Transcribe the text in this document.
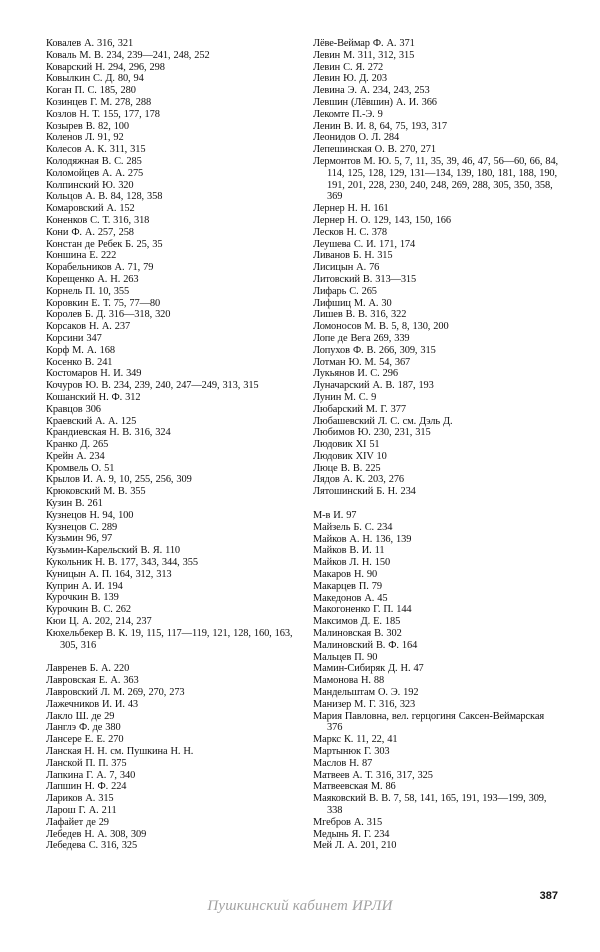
Ковалев А. 316, 321
Коваль М. В. 234, 239—241, 248, 252
Коварский Н. 294, 296, 298
Ковылкин С. Д. 80, 94
Коган П. С. 185, 280
Козинцев Г. М. 278, 288
Козлов Н. Т. 155, 177, 178
Козырев В. 82, 100
Коленов Л. 91, 92
Колесов А. К. 311, 315
Колодяжная В. С. 285
Коломойцев А. А. 275
Колпинский Ю. 320
Кольцов А. В. 84, 128, 358
Комаровский А. 152
Коненков С. Т. 316, 318
Кони Ф. А. 257, 258
Констан де Ребек Б. 25, 35
Коншина Е. 222
Корабельников А. 71, 79
Корещенко А. Н. 263
Корнель П. 10, 355
Коровкин Е. Т. 75, 77—80
Королев Б. Д. 316—318, 320
Корсаков Н. А. 237
Корсини 347
Корф М. А. 168
Косенко В. 241
Костомаров Н. И. 349
Кочуров Ю. В. 234, 239, 240, 247—249, 313, 315
Кошанский Н. Ф. 312
Кравцов 306
Краевский А. А. 125
Крандиевская Н. В. 316, 324
Кранко Д. 265
Крейн А. 234
Кромвель О. 51
Крылов И. А. 9, 10, 255, 256, 309
Крюковский М. В. 355
Кузин В. 261
Кузнецов Н. 94, 100
Кузнецов С. 289
Кузьмин 96, 97
Кузьмин-Карельский В. Я. 110
Кукольник Н. В. 177, 343, 344, 355
Куницын А. П. 164, 312, 313
Куприн А. И. 194
Курочкин В. 139
Курочкин В. С. 262
Кюи Ц. А. 202, 214, 237
Кюхельбекер В. К. 19, 115, 117—119, 121, 128, 160, 163, 305, 316
Лавренев Б. А. 220
Лавровская Е. А. 363
Лавровский Л. М. 269, 270, 273
Лажечников И. И. 43
Лакло Ш. де 29
Ланглэ Ф. де 380
Лансере Е. Е. 270
Ланская Н. Н. см. Пушкина Н. Н.
Ланской П. П. 375
Лапкина Г. А. 7, 340
Лапшин Н. Ф. 224
Лариков А. 315
Ларош Г. А. 211
Лафайет де 29
Лебедев Н. А. 308, 309
Лебедева С. 316, 325
Лёве-Веймар Ф. А. 371
Левин М. 311, 312, 315
Левин С. Я. 272
Левин Ю. Д. 203
Левина Э. А. 234, 243, 253
Левшин (Лёвшин) А. И. 366
Лекомте П.-Э. 9
Ленин В. И. 8, 64, 75, 193, 317
Леонидов О. Л. 284
Лепешинская О. В. 270, 271
Лермонтов М. Ю. 5, 7, 11, 35, 39, 46, 47, 56—60, 66, 84, 114, 125, 128, 129, 131—134, 139, 180, 181, 188, 190, 191, 201, 228, 230, 240, 248, 269, 288, 305, 350, 358, 369
Лернер Н. Н. 161
Лернер Н. О. 129, 143, 150, 166
Лесков Н. С. 378
Леушева С. И. 171, 174
Ливанов Б. Н. 315
Лисицын А. 76
Литовский В. 313—315
Лифарь С. 265
Лифшиц М. А. 30
Лишев В. В. 316, 322
Ломоносов М. В. 5, 8, 130, 200
Лопе де Вега 269, 339
Лопухов Ф. В. 266, 309, 315
Лотман Ю. М. 54, 367
Лукьянов И. С. 296
Луначарский А. В. 187, 193
Лунин М. С. 9
Любарский М. Г. 377
Любашевский Л. С. см. Дэль Д.
Любимов Ю. 230, 231, 315
Людовик XI 51
Людовик XIV 10
Люце В. В. 225
Лядов А. К. 203, 276
Лятошинский Б. Н. 234
М-в И. 97
Майзель Б. С. 234
Майков А. Н. 136, 139
Майков В. И. 11
Майков Л. Н. 150
Макаров Н. 90
Макарцев П. 79
Македонов А. 45
Макогоненко Г. П. 144
Максимов Д. Е. 185
Малиновская В. 302
Малиновский В. Ф. 164
Мальцев П. 90
Мамин-Сибиряк Д. Н. 47
Мамонова Н. 88
Мандельштам О. Э. 192
Манизер М. Г. 316, 323
Мария Павловна, вел. герцогиня Саксен-Веймарская 376
Маркс К. 11, 22, 41
Мартынюк Г. 303
Маслов Н. 87
Матвеев А. Т. 316, 317, 325
Матвеевская М. 86
Маяковский В. В. 7, 58, 141, 165, 191, 193—199, 309, 338
Мгебров А. 315
Медынь Я. Г. 234
Мей Л. А. 201, 210
Пушкинский кабинет ИРЛИ
387
